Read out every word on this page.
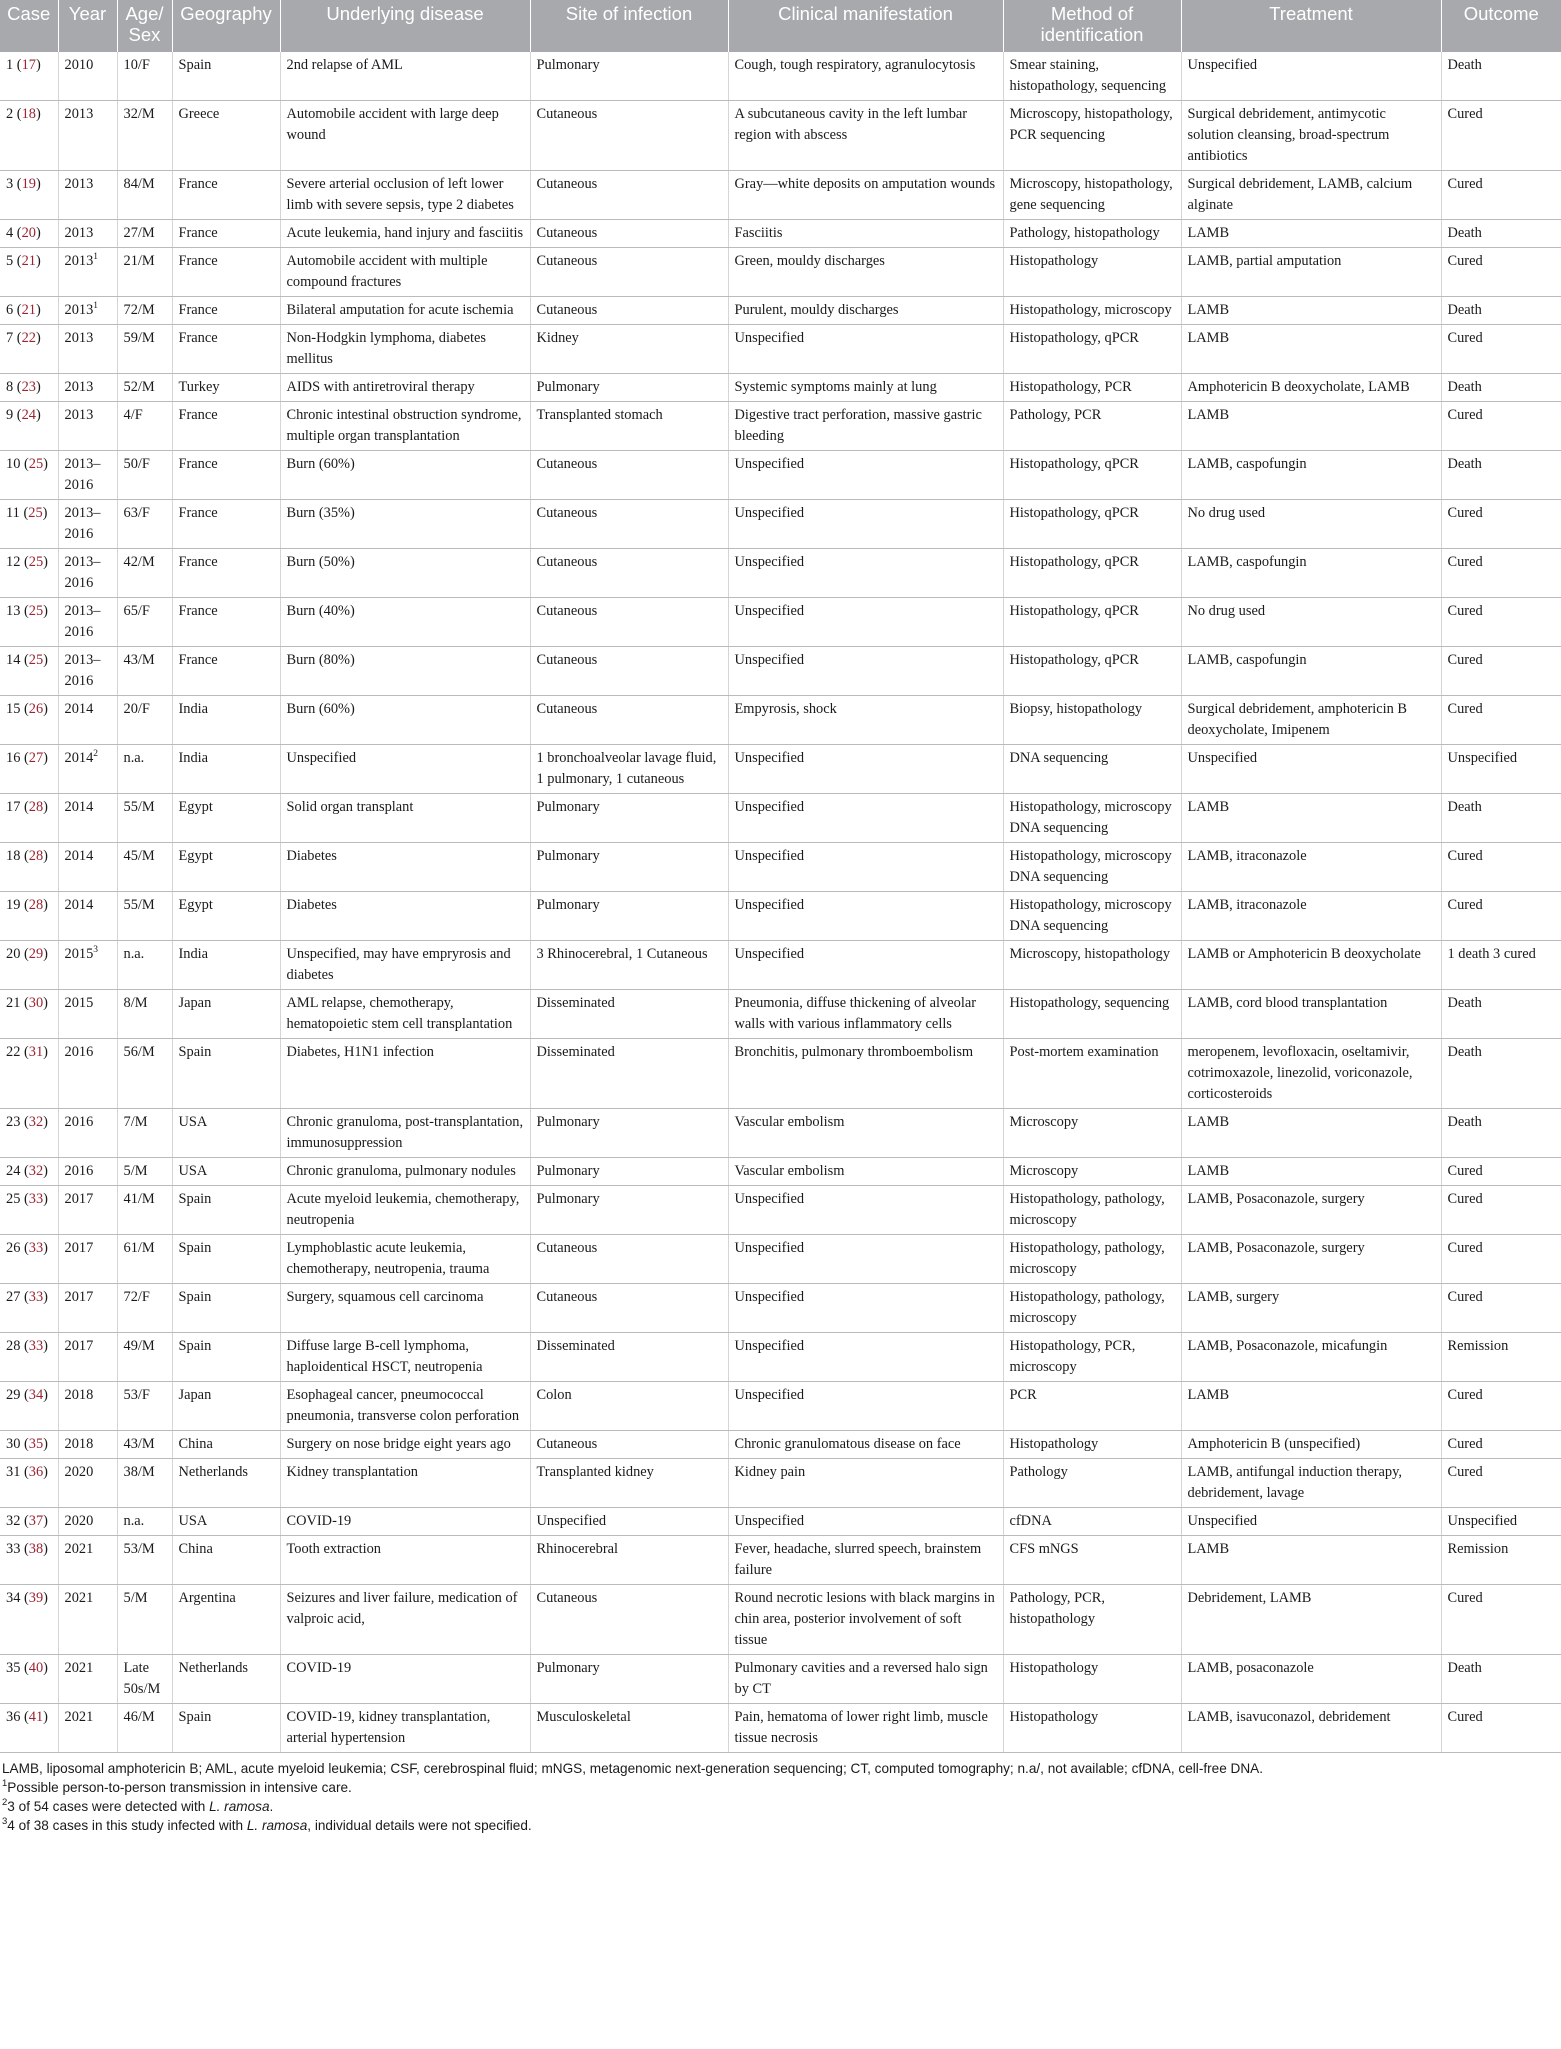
Case	Year	Age/ Sex	Geography	Underlying disease	Site of infection	Clinical manifestation	Method of identification	Treatment	Outcome
1 (17)	2010	10/F	Spain	2nd relapse of AML	Pulmonary	Cough, tough respiratory, agranulocytosis	Smear staining, histopathology, sequencing	Unspecified	Death
2 (18)	2013	32/M	Greece	Automobile accident with large deep wound	Cutaneous	A subcutaneous cavity in the left lumbar region with abscess	Microscopy, histopathology, PCR sequencing	Surgical debridement, antimycotic solution cleansing, broad-spectrum antibiotics	Cured
3 (19)	2013	84/M	France	Severe arterial occlusion of left lower limb with severe sepsis, type 2 diabetes	Cutaneous	Gray—white deposits on amputation wounds	Microscopy, histopathology, gene sequencing	Surgical debridement, LAMB, calcium alginate	Cured
4 (20)	2013	27/M	France	Acute leukemia, hand injury and fasciitis	Cutaneous	Fasciitis	Pathology, histopathology	LAMB	Death
5 (21)	2013$^1$	21/M	France	Automobile accident with multiple compound fractures	Cutaneous	Green, mouldy discharges	Histopathology	LAMB, partial amputation	Cured
6 (21)	2013$^1$	72/M	France	Bilateral amputation for acute ischemia	Cutaneous	Purulent, mouldy discharges	Histopathology, microscopy	LAMB	Death
7 (22)	2013	59/M	France	Non-Hodgkin lymphoma, diabetes mellitus	Kidney	Unspecified	Histopathology, qPCR	LAMB	Cured
8 (23)	2013	52/M	Turkey	AIDS with antiretroviral therapy	Pulmonary	Systemic symptoms mainly at lung	Histopathology, PCR	Amphotericin B deoxycholate, LAMB	Death
9 (24)	2013	4/F	France	Chronic intestinal obstruction syndrome, multiple organ transplantation	Transplanted stomach	Digestive tract perforation, massive gastric bleeding	Pathology, PCR	LAMB	Cured
10 (25)	2013–2016	50/F	France	Burn (60%)	Cutaneous	Unspecified	Histopathology, qPCR	LAMB, caspofungin	Death
11 (25)	2013–2016	63/F	France	Burn (35%)	Cutaneous	Unspecified	Histopathology, qPCR	No drug used	Cured
12 (25)	2013–2016	42/M	France	Burn (50%)	Cutaneous	Unspecified	Histopathology, qPCR	LAMB, caspofungin	Cured
13 (25)	2013–2016	65/F	France	Burn (40%)	Cutaneous	Unspecified	Histopathology, qPCR	No drug used	Cured
14 (25)	2013–2016	43/M	France	Burn (80%)	Cutaneous	Unspecified	Histopathology, qPCR	LAMB, caspofungin	Cured
15 (26)	2014	20/F	India	Burn (60%)	Cutaneous	Empyrosis, shock	Biopsy, histopathology	Surgical debridement, amphotericin B deoxycholate, Imipenem	Cured
16 (27)	2014$^2$	n.a.	India	Unspecified	1 bronchoalveolar lavage fluid, 1 pulmonary, 1 cutaneous	Unspecified	DNA sequencing	Unspecified	Unspecified
17 (28)	2014	55/M	Egypt	Solid organ transplant	Pulmonary	Unspecified	Histopathology, microscopy DNA sequencing	LAMB	Death
18 (28)	2014	45/M	Egypt	Diabetes	Pulmonary	Unspecified	Histopathology, microscopy DNA sequencing	LAMB, itraconazole	Cured
19 (28)	2014	55/M	Egypt	Diabetes	Pulmonary	Unspecified	Histopathology, microscopy DNA sequencing	LAMB, itraconazole	Cured
20 (29)	2015$^3$	n.a.	India	Unspecified, may have empryrosis and diabetes	3 Rhinocerebral, 1 Cutaneous	Unspecified	Microscopy, histopathology	LAMB or Amphotericin B deoxycholate	1 death 3 cured
21 (30)	2015	8/M	Japan	AML relapse, chemotherapy, hematopoietic stem cell transplantation	Disseminated	Pneumonia, diffuse thickening of alveolar walls with various inflammatory cells	Histopathology, sequencing	LAMB, cord blood transplantation	Death
22 (31)	2016	56/M	Spain	Diabetes, H1N1 infection	Disseminated	Bronchitis, pulmonary thromboembolism	Post-mortem examination	meropenem, levofloxacin, oseltamivir, cotrimoxazole, linezolid, voriconazole, corticosteroids	Death
23 (32)	2016	7/M	USA	Chronic granuloma, post-transplantation, immunosuppression	Pulmonary	Vascular embolism	Microscopy	LAMB	Death
24 (32)	2016	5/M	USA	Chronic granuloma, pulmonary nodules	Pulmonary	Vascular embolism	Microscopy	LAMB	Cured
25 (33)	2017	41/M	Spain	Acute myeloid leukemia, chemotherapy, neutropenia	Pulmonary	Unspecified	Histopathology, pathology, microscopy	LAMB, Posaconazole, surgery	Cured
26 (33)	2017	61/M	Spain	Lymphoblastic acute leukemia, chemotherapy, neutropenia, trauma	Cutaneous	Unspecified	Histopathology, pathology, microscopy	LAMB, Posaconazole, surgery	Cured
27 (33)	2017	72/F	Spain	Surgery, squamous cell carcinoma	Cutaneous	Unspecified	Histopathology, pathology, microscopy	LAMB, surgery	Cured
28 (33)	2017	49/M	Spain	Diffuse large B-cell lymphoma, haploidentical HSCT, neutropenia	Disseminated	Unspecified	Histopathology, PCR, microscopy	LAMB, Posaconazole, micafungin	Remission
29 (34)	2018	53/F	Japan	Esophageal cancer, pneumococcal pneumonia, transverse colon perforation	Colon	Unspecified	PCR	LAMB	Cured
30 (35)	2018	43/M	China	Surgery on nose bridge eight years ago	Cutaneous	Chronic granulomatous disease on face	Histopathology	Amphotericin B (unspecified)	Cured
31 (36)	2020	38/M	Netherlands	Kidney transplantation	Transplanted kidney	Kidney pain	Pathology	LAMB, antifungal induction therapy, debridement, lavage	Cured
32 (37)	2020	n.a.	USA	COVID-19	Unspecified	Unspecified	cfDNA	Unspecified	Unspecified
33 (38)	2021	53/M	China	Tooth extraction	Rhinocerebral	Fever, headache, slurred speech, brainstem failure	CFS mNGS	LAMB	Remission
34 (39)	2021	5/M	Argentina	Seizures and liver failure, medication of valproic acid,	Cutaneous	Round necrotic lesions with black margins in chin area, posterior involvement of soft tissue	Pathology, PCR, histopathology	Debridement, LAMB	Cured
35 (40)	2021	Late 50s/M	Netherlands	COVID-19	Pulmonary	Pulmonary cavities and a reversed halo sign by CT	Histopathology	LAMB, posaconazole	Death
36 (41)	2021	46/M	Spain	COVID-19, kidney transplantation, arterial hypertension	Musculoskeletal	Pain, hematoma of lower right limb, muscle tissue necrosis	Histopathology	LAMB, isavuconazol, debridement	Cured
LAMB, liposomal amphotericin B; AML, acute myeloid leukemia; CSF, cerebrospinal fluid; mNGS, metagenomic next-generation sequencing; CT, computed tomography; n.a/, not available; cfDNA, cell-free DNA.
$^1$Possible person-to-person transmission in intensive care.
$^2$3 of 54 cases were detected with L. ramosa.
$^3$4 of 38 cases in this study infected with L. ramosa, individual details were not specified.
